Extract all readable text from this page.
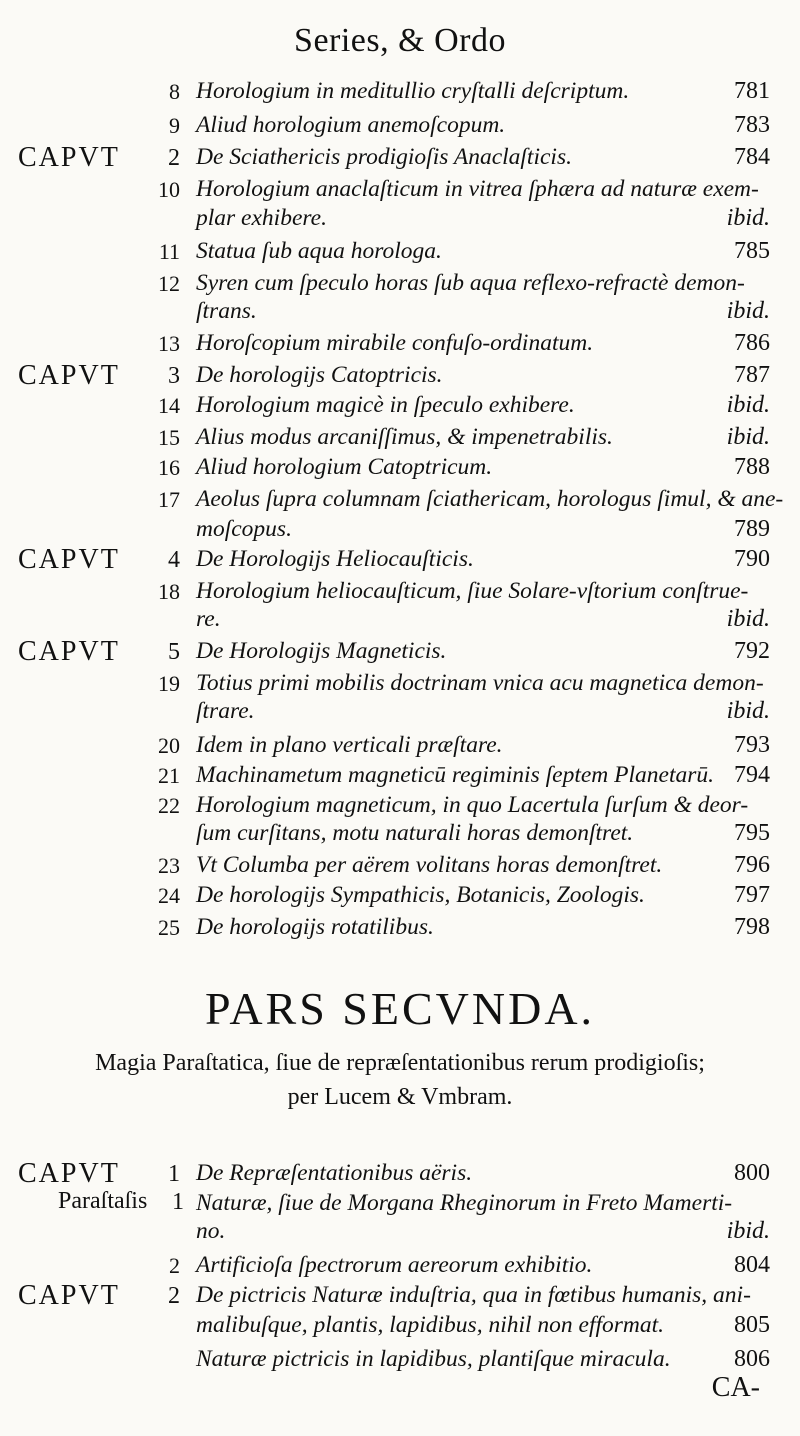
Series, & Ordo
8 Horologium in meditullio cryſtalli deſcriptum.	781
9 Aliud horologium anemoſcopum.	783
CAPVT 2 De Sciathericis prodigioſis Anaclaſticis.	784
10 Horologium anaclaſticum in vitrea ſphæra ad naturæ exem-
plar exhibere.	ibid.
11 Statua ſub aqua horologa.	785
12 Syren cum ſpeculo horas ſub aqua reflexo-refractè demon-
ſtrans.	ibid.
13 Horoſcopium mirabile confuſo-ordinatum.	786
CAPVT 3 De horologijs Catoptricis.	787
14 Horologium magicè in ſpeculo exhibere.	ibid.
15 Alius modus arcaniſſimus, & impenetrabilis.	ibid.
16 Aliud horologium Catoptricum.	788
17 Aeolus ſupra columnam ſciathericam, horologus ſimul, & ane-
moſcopus.	789
CAPVT 4 De Horologijs Heliocauſticis.	790
18 Horologium heliocauſticum, ſiue Solare-vſtorium conſtrue-
re.	ibid.
CAPVT 5 De Horologijs Magneticis.	792
19 Totius primi mobilis doctrinam vnica acu magnetica demon-
ſtrare.	ibid.
20 Idem in plano verticali præſtare.	793
21 Machinametum magneticū regiminis ſeptem Planetarū. 794
22 Horologium magneticum, in quo Lacertula ſurſum & deor-
ſum curſitans, motu naturali horas demonſtret.	795
23 Vt Columba per aërem volitans horas demonſtret.	796
24 De horologijs Sympathicis, Botanicis, Zoologis.	797
25 De horologijs rotatilibus.	798
PARS SECVNDA.
Magia Paraſtatica, ſiue de repræſentationibus rerum prodigioſis;
per Lucem & Vmbram.
CAPVT 1 De Repræſentationibus aëris.	800
Paraſtaſis 1 Naturæ, ſiue de Morgana Rheginorum in Freto Mamerti-
no.	ibid.
2 Artificioſa ſpectrorum aereorum exhibitio.	804
CAPVT 2 De pictricis Naturæ induſtria, qua in fœtibus humanis, ani-
malibuſque, plantis, lapidibus, nihil non efformat.	805
Naturæ pictricis in lapidibus, plantiſque miracula.	806
CA-
